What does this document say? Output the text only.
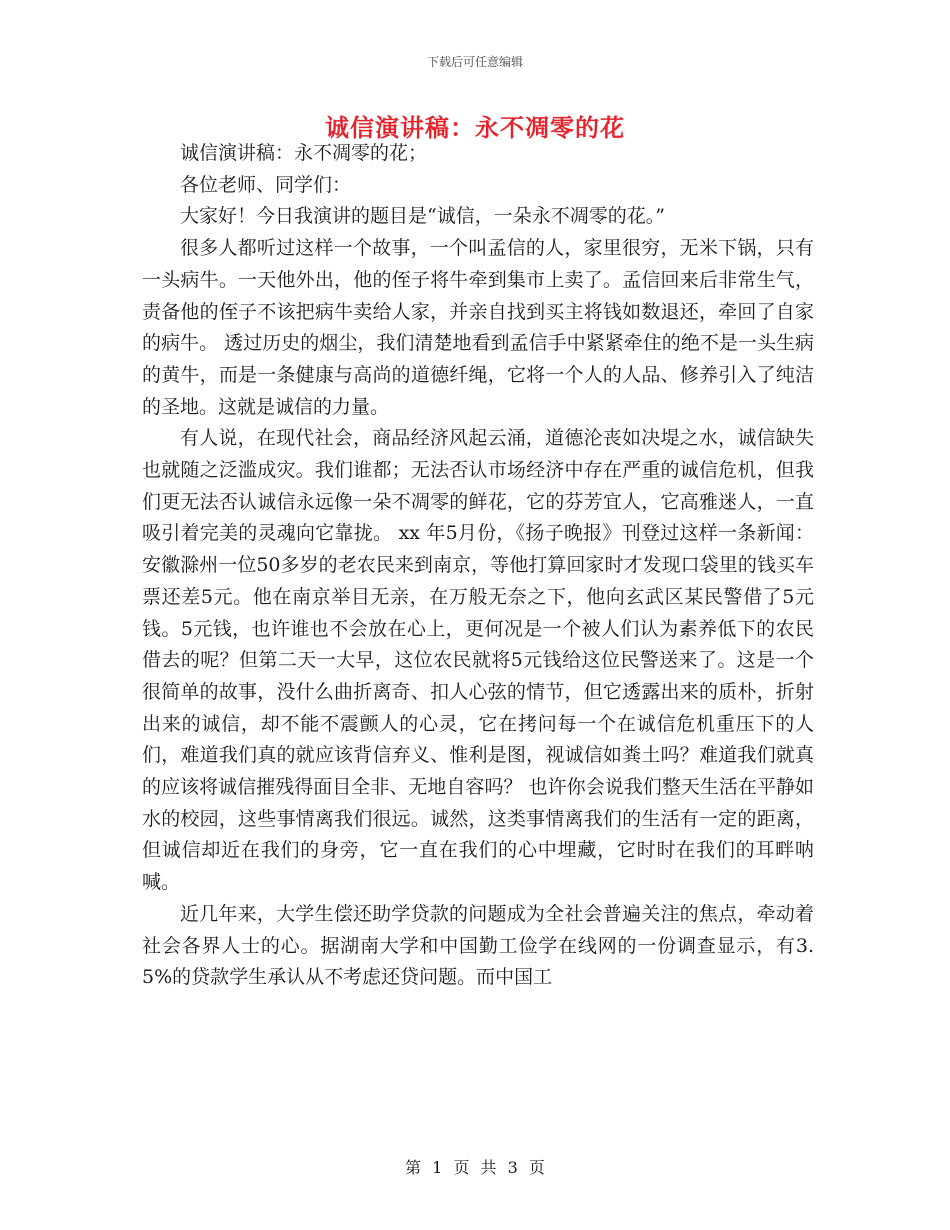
下载后可任意编辑
诚信演讲稿：永不凋零的花

诚信演讲稿：永不凋零的花；

各位老师、同学们：

大家好！今日我演讲的题目是“诚信，一朵永不凋零的花。”

很多人都听过这样一个故事，一个叫孟信的人，家里很穷，无米下锅，只有一头病牛。一天他外出，他的侄子将牛牵到集市上卖了。孟信回来后非常生气，责备他的侄子不该把病牛卖给人家，并亲自找到买主将钱如数退还，牵回了自家的病牛。 透过历史的烟尘，我们清楚地看到孟信手中紧紧牵住的绝不是一头生病的黄牛，而是一条健康与高尚的道德纤绳，它将一个人的人品、修养引入了纯洁的圣地。这就是诚信的力量。

有人说，在现代社会，商品经济风起云涌，道德沦丧如决堤之水，诚信缺失也就随之泛滥成灾。我们谁都；无法否认市场经济中存在严重的诚信危机，但我们更无法否认诚信永远像一朵不凋零的鲜花，它的芬芳宜人，它高雅迷人，一直吸引着完美的灵魂向它靠拢。 xx 年5月份，《扬子晚报》刊登过这样一条新闻：安徽滁州一位50多岁的老农民来到南京，等他打算回家时才发现口袋里的钱买车票还差5元。他在南京举目无亲，在万般无奈之下，他向玄武区某民警借了5元钱。5元钱，也许谁也不会放在心上，更何况是一个被人们认为素养低下的农民借去的呢？但第二天一大早，这位农民就将5元钱给这位民警送来了。这是一个很简单的故事，没什么曲折离奇、扣人心弦的情节，但它透露出来的质朴，折射出来的诚信，却不能不震颤人的心灵，它在拷问每一个在诚信危机重压下的人们，难道我们真的就应该背信弃义、惟利是图，视诚信如粪土吗？难道我们就真的应该将诚信摧残得面目全非、无地自容吗？ 也许你会说我们整天生活在平静如水的校园，这些事情离我们很远。诚然，这类事情离我们的生活有一定的距离，但诚信却近在我们的身旁，它一直在我们的心中埋藏，它时时在我们的耳畔呐喊。

近几年来，大学生偿还助学贷款的问题成为全社会普遍关注的焦点，牵动着社会各界人士的心。据湖南大学和中国勤工俭学在线网的一份调查显示，有3.5%的贷款学生承认从不考虑还贷问题。而中国工

第 1 页 共 3 页
